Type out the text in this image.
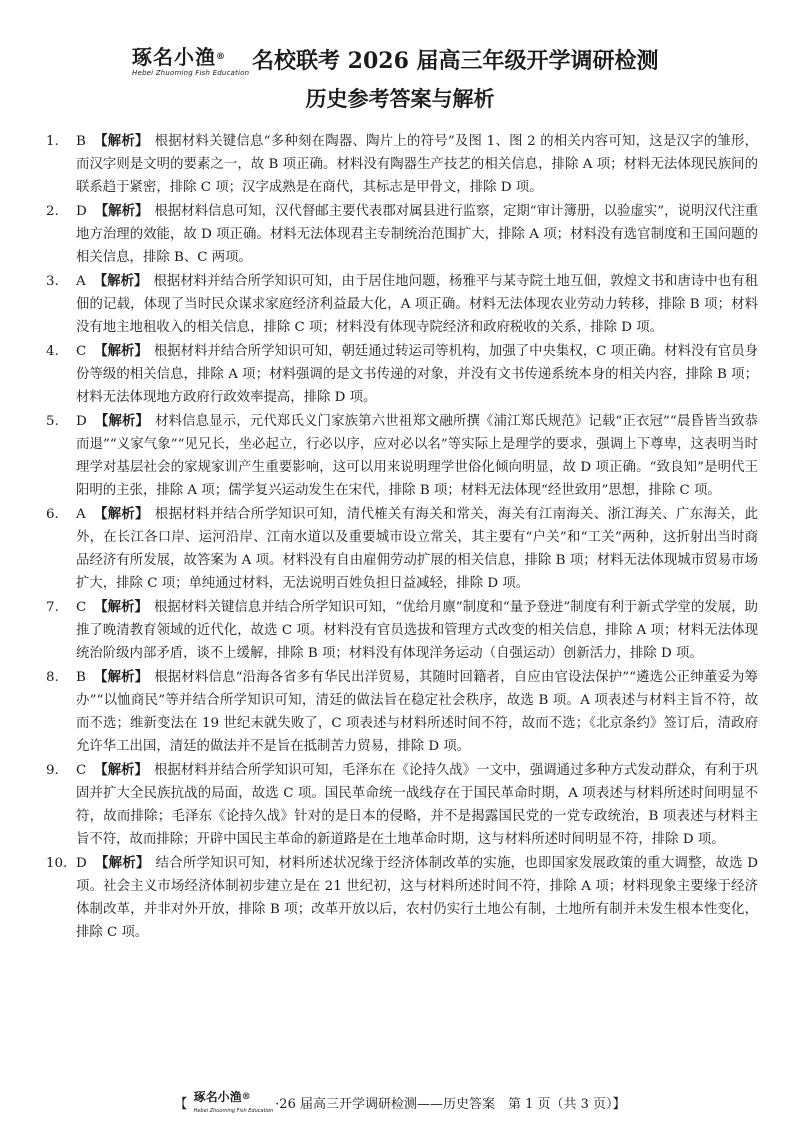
琢名小渔®
Hebei Zhuoming Fish Education 名校联考 2026 届高三年级开学调研检测
历史参考答案与解析
1.	B 【解析】 根据材料关键信息“多种刻在陶器、陶片上的符号”及图 1、图 2 的相关内容可知，这是汉字的雏形，而汉字则是文明的要素之一，故 B 项正确。材料没有陶器生产技艺的相关信息，排除 A 项；材料无法体现民族间的联系趋于紧密，排除 C 项；汉字成熟是在商代，其标志是甲骨文，排除 D 项。
2.	D 【解析】 根据材料信息可知，汉代督邮主要代表郡对属县进行监察，定期“审计簿册，以验虚实”，说明汉代注重地方治理的效能，故 D 项正确。材料无法体现君主专制统治范围扩大，排除 A 项；材料没有选官制度和王国问题的相关信息，排除 B、C 两项。
3.	A 【解析】 根据材料并结合所学知识可知，由于居住地问题，杨雅平与某寺院土地互佃，敦煌文书和唐诗中也有租佃的记载，体现了当时民众谋求家庭经济利益最大化，A 项正确。材料无法体现农业劳动力转移，排除 B 项；材料没有地主地租收入的相关信息，排除 C 项；材料没有体现寺院经济和政府税收的关系，排除 D 项。
4.	C 【解析】 根据材料并结合所学知识可知，朝廷通过转运司等机构，加强了中央集权，C 项正确。材料没有官员身份等级的相关信息，排除 A 项；材料强调的是文书传递的对象，并没有文书传递系统本身的相关内容，排除 B 项；材料无法体现地方政府行政效率提高，排除 D 项。
5.	D 【解析】 材料信息显示，元代郑氏义门家族第六世祖郑文融所撰《浦江郑氏规范》记载“正衣冠”“晨昏皆当致恭而退”“义家气象”“见兄长，坐必起立，行必以序，应对必以名”等实际上是理学的要求，强调上下尊卑，这表明当时理学对基层社会的家规家训产生重要影响，这可以用来说明理学世俗化倾向明显，故 D 项正确。“致良知”是明代王阳明的主张，排除 A 项；儒学复兴运动发生在宋代，排除 B 项；材料无法体现“经世致用”思想，排除 C 项。
6.	A 【解析】 根据材料并结合所学知识可知，清代榷关有海关和常关，海关有江南海关、浙江海关、广东海关，此外，在长江各口岸、运河沿岸、江南水道以及重要城市设立常关，其主要有“户关”和“工关”两种，这折射出当时商品经济有所发展，故答案为 A 项。材料没有自由雇佣劳动扩展的相关信息，排除 B 项；材料无法体现城市贸易市场扩大，排除 C 项；单纯通过材料，无法说明百姓负担日益减轻，排除 D 项。
7.	C 【解析】 根据材料关键信息并结合所学知识可知，“优给月廪”制度和“量予登进”制度有利于新式学堂的发展，助推了晚清教育领域的近代化，故选 C 项。材料没有官员选拔和管理方式改变的相关信息，排除 A 项；材料无法体现统治阶级内部矛盾，谈不上缓解，排除 B 项；材料没有体现洋务运动（自强运动）创新活力，排除 D 项。
8.	B 【解析】 根据材料信息“沿海各省多有华民出洋贸易，其随时回籍者，自应由官设法保护”“遴选公正绅董妥为筹办”“以恤商民”等并结合所学知识可知，清廷的做法旨在稳定社会秩序，故选 B 项。A 项表述与材料主旨不符，故而不选；维新变法在 19 世纪末就失败了，C 项表述与材料所述时间不符，故而不选；《北京条约》签订后，清政府允许华工出国，清廷的做法并不是旨在抵制苦力贸易，排除 D 项。
9.	C 【解析】 根据材料并结合所学知识可知，毛泽东在《论持久战》一文中，强调通过多种方式发动群众，有利于巩固并扩大全民族抗战的局面，故选 C 项。国民革命统一战线存在于国民革命时期，A 项表述与材料所述时间明显不符，故而排除；毛泽东《论持久战》针对的是日本的侵略，并不是揭露国民党的一党专政统治，B 项表述与材料主旨不符，故而排除；开辟中国民主革命的新道路是在土地革命时期，这与材料所述时间明显不符，排除 D 项。
10. D 【解析】 结合所学知识可知，材料所述状况缘于经济体制改革的实施，也即国家发展政策的重大调整，故选 D 项。社会主义市场经济体制初步建立是在 21 世纪初，这与材料所述时间不符，排除 A 项；材料现象主要缘于经济体制改革，并非对外开放，排除 B 项；改革开放以后，农村仍实行土地公有制，土地所有制并未发生根本性变化，排除 C 项。
【 琢名小渔®
Hebei Zhuoming Fish Education ·26 届高三开学调研检测——历史答案　第 1 页（共 3 页）】
